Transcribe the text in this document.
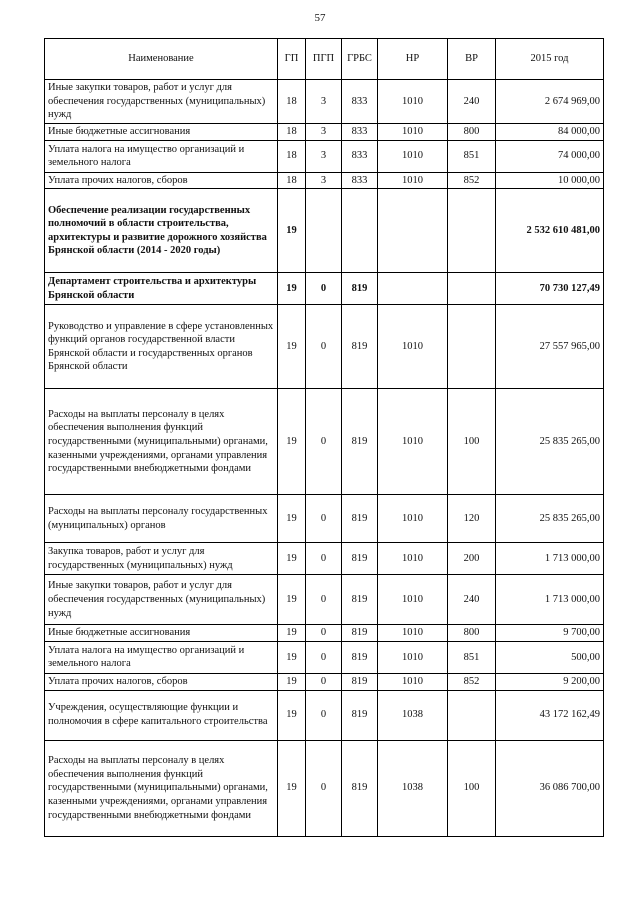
57
Наименование	ГП	ПГП	ГРБС	НР	ВР	2015 год
Иные закупки товаров, работ и услуг для обеспечения государственных (муниципальных) нужд	18	3	833	1010	240	2 674 969,00
Иные бюджетные ассигнования	18	3	833	1010	800	84 000,00
Уплата налога на имущество организаций и земельного налога	18	3	833	1010	851	74 000,00
Уплата прочих налогов, сборов	18	3	833	1010	852	10 000,00
Обеспечение реализации государственных полномочий в области строительства, архитектуры и развитие дорожного хозяйства Брянской области (2014 - 2020 годы)	19					2 532 610 481,00
Департамент строительства и архитектуры Брянской области	19	0	819			70 730 127,49
Руководство и управление в сфере установленных функций органов государственной власти Брянской области и государственных органов Брянской области	19	0	819	1010		27 557 965,00
Расходы на выплаты персоналу в целях обеспечения выполнения функций государственными (муниципальными) органами, казенными учреждениями, органами управления государственными внебюджетными фондами	19	0	819	1010	100	25 835 265,00
Расходы на выплаты персоналу государственных (муниципальных) органов	19	0	819	1010	120	25 835 265,00
Закупка товаров, работ и услуг для государственных (муниципальных) нужд	19	0	819	1010	200	1 713 000,00
Иные закупки товаров, работ и услуг для обеспечения государственных (муниципальных) нужд	19	0	819	1010	240	1 713 000,00
Иные бюджетные ассигнования	19	0	819	1010	800	9 700,00
Уплата налога на имущество организаций и земельного налога	19	0	819	1010	851	500,00
Уплата прочих налогов, сборов	19	0	819	1010	852	9 200,00
Учреждения, осуществляющие функции и полномочия в сфере капитального строительства	19	0	819	1038		43 172 162,49
Расходы на выплаты персоналу в целях обеспечения выполнения функций государственными (муниципальными) органами, казенными учреждениями, органами управления государственными внебюджетными фондами	19	0	819	1038	100	36 086 700,00
